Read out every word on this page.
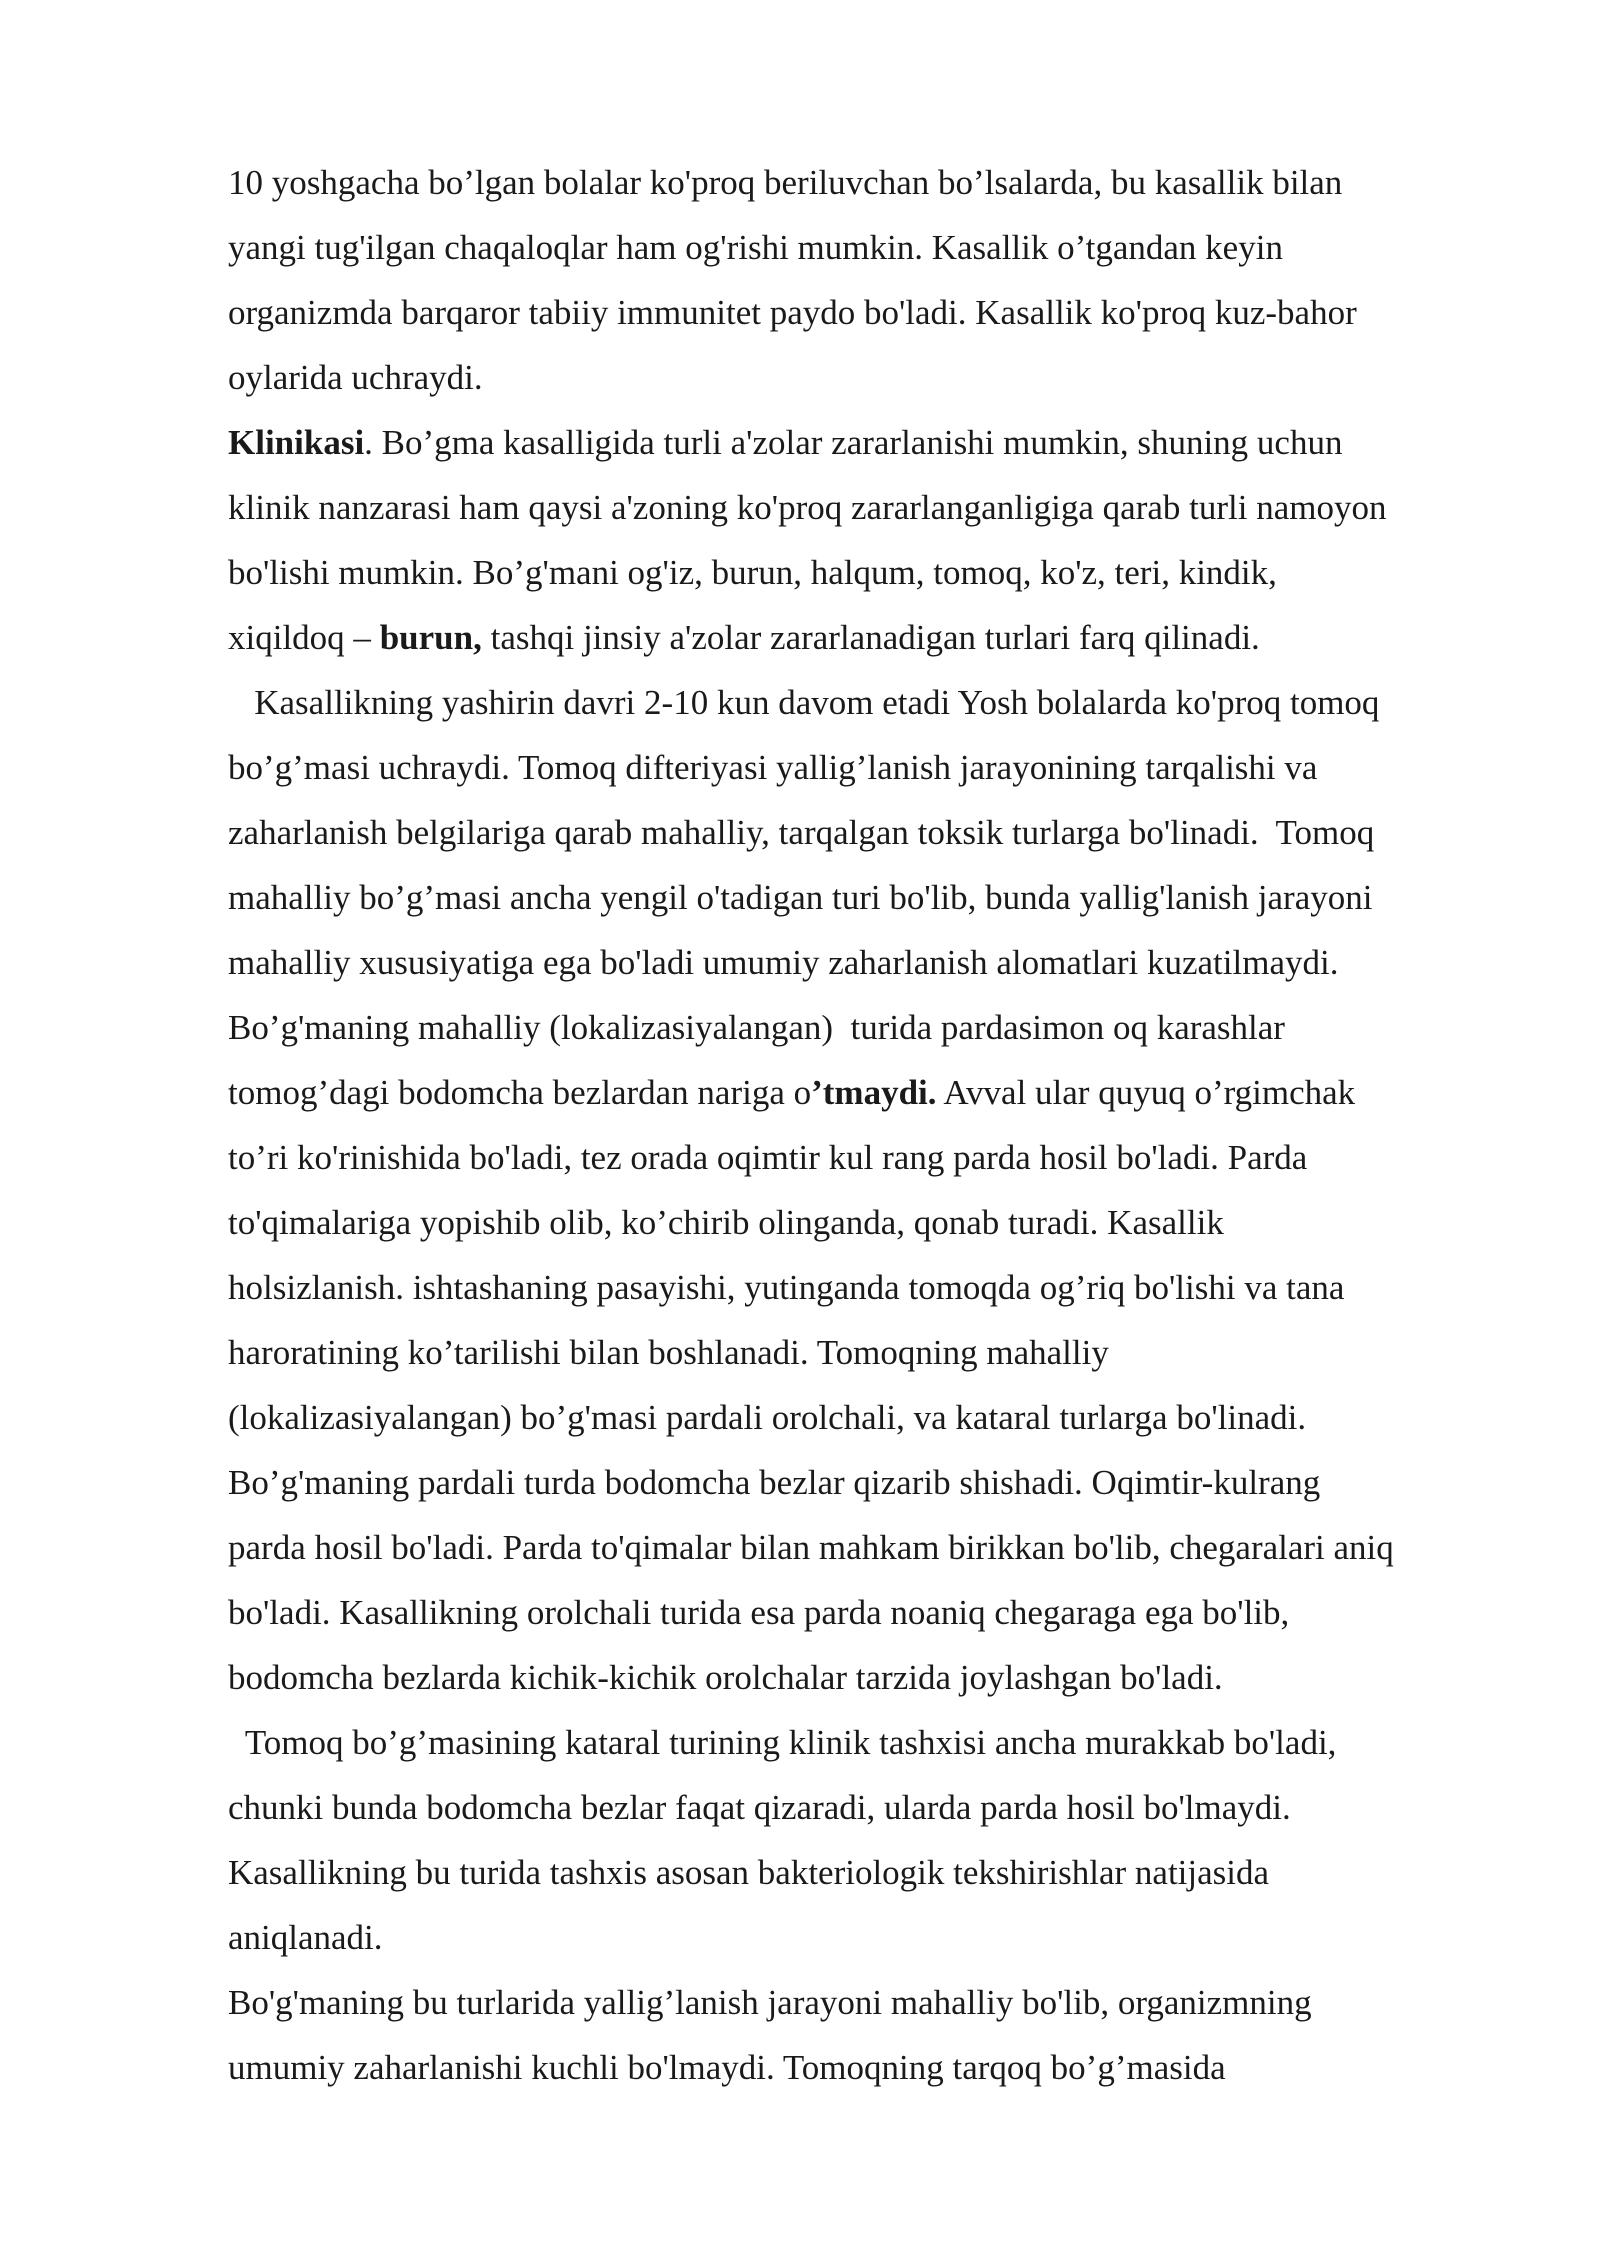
10 yoshgacha bo’lgan bolalar ko'proq beriluvchan bo’lsalarda, bu kasallik bilan
yangi tug'ilgan chaqaloqlar ham og'rishi mumkin. Kasallik o’tgandan keyin
organizmda barqaror tabiiy immunitet paydo bo'ladi. Kasallik ko'proq kuz-bahor
oylarida uchraydi.
Klinikasi. Bo’gma kasalligida turli a'zolar zararlanishi mumkin, shuning uchun
klinik nanzarasi ham qaysi a'zoning ko'proq zararlanganligiga qarab turli namoyon
bo'lishi mumkin. Bo’g'mani og'iz, burun, halqum, tomoq, ko'z, teri, kindik,
xiqildoq – burun, tashqi jinsiy a'zolar zararlanadigan turlari farq qilinadi.
Kasallikning yashirin davri 2-10 kun davom etadi Yosh bolalarda ko'proq tomoq
bo’g’masi uchraydi. Tomoq difteriyasi yallig’lanish jarayonining tarqalishi va
zaharlanish belgilariga qarab mahalliy, tarqalgan toksik turlarga bo'linadi.  Tomoq
mahalliy bo’g’masi ancha yengil o'tadigan turi bo'lib, bunda yallig'lanish jarayoni
mahalliy xususiyatiga ega bo'ladi umumiy zaharlanish alomatlari kuzatilmaydi.
Bo’g'maning mahalliy (lokalizasiyalangan)  turida pardasimon oq karashlar
tomog’dagi bodomcha bezlardan nariga o’tmaydi. Avval ular quyuq o’rgimchak
to’ri ko'rinishida bo'ladi, tez orada oqimtir kul rang parda hosil bo'ladi. Parda
to'qimalariga yopishib olib, ko’chirib olinganda, qonab turadi. Kasallik
holsizlanish. ishtashaning pasayishi, yutinganda tomoqda og’riq bo'lishi va tana
haroratining ko’tarilishi bilan boshlanadi. Tomoqning mahalliy
(lokalizasiyalangan) bo’g'masi pardali orolchali, va kataral turlarga bo'linadi.
Bo’g'maning pardali turda bodomcha bezlar qizarib shishadi. Oqimtir-kulrang
parda hosil bo'ladi. Parda to'qimalar bilan mahkam birikkan bo'lib, chegaralari aniq
bo'ladi. Kasallikning orolchali turida esa parda noaniq chegaraga ega bo'lib,
bodomcha bezlarda kichik-kichik orolchalar tarzida joylashgan bo'ladi.
Tomoq bo’g’masining kataral turining klinik tashxisi ancha murakkab bo'ladi,
chunki bunda bodomcha bezlar faqat qizaradi, ularda parda hosil bo'lmaydi.
Kasallikning bu turida tashxis asosan bakteriologik tekshirishlar natijasida
aniqlanadi.
Bo'g'maning bu turlarida yallig’lanish jarayoni mahalliy bo'lib, organizmning
umumiy zaharlanishi kuchli bo'lmaydi. Tomoqning tarqoq bo’g’masida
